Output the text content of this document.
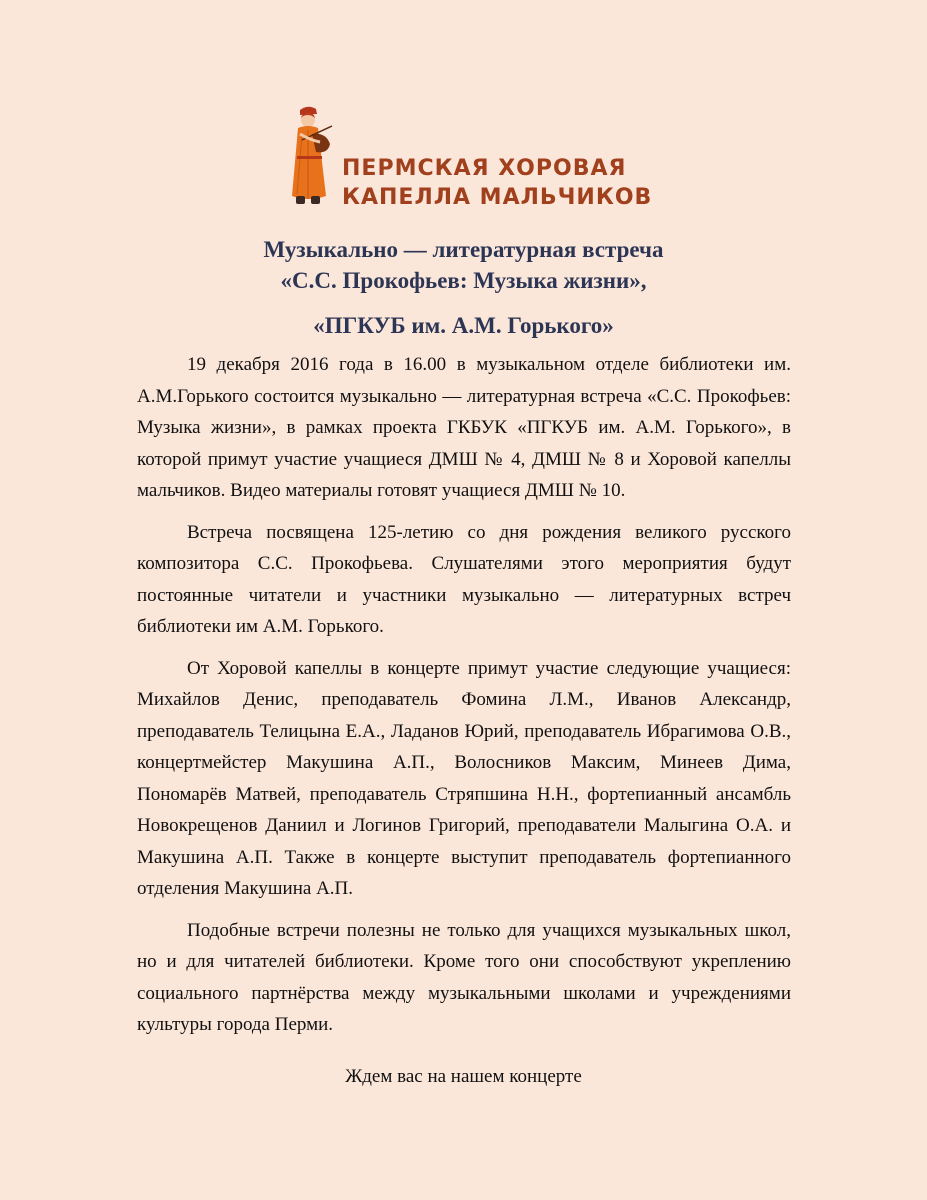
ПЕРМСКАЯ ХОРОВАЯ
КАПЕЛЛА МАЛЬЧИКОВ
Музыкально — литературная встреча
«С.С. Прокофьев: Музыка жизни»,
«ПГКУБ им. А.М. Горького»

19 декабря 2016 года в 16.00 в музыкальном отделе библиотеки им. А.М.Горького состоится музыкально — литературная встреча «С.С. Прокофьев: Музыка жизни», в рамках проекта ГКБУК «ПГКУБ им. А.М. Горького», в которой примут участие учащиеся ДМШ № 4, ДМШ № 8 и Хоровой капеллы мальчиков. Видео материалы готовят учащиеся ДМШ № 10.

Встреча посвящена 125-летию со дня рождения великого русского композитора С.С. Прокофьева. Слушателями этого мероприятия будут постоянные читатели и участники музыкально — литературных встреч библиотеки им А.М. Горького.

От Хоровой капеллы в концерте примут участие следующие учащиеся: Михайлов Денис, преподаватель Фомина Л.М., Иванов Александр, преподаватель Телицына Е.А., Ладанов Юрий, преподаватель Ибрагимова О.В., концертмейстер Макушина А.П., Волосников Максим, Минеев Дима, Пономарёв Матвей, преподаватель Стряпшина Н.Н., фортепианный ансамбль Новокрещенов Даниил и Логинов Григорий, преподаватели Малыгина О.А. и Макушина А.П. Также в концерте выступит преподаватель фортепианного отделения Макушина А.П.

Подобные встречи полезны не только для учащихся музыкальных школ, но и для читателей библиотеки. Кроме того они способствуют укреплению социального партнёрства между музыкальными школами и учреждениями культуры города Перми.

Ждем вас на нашем концерте
